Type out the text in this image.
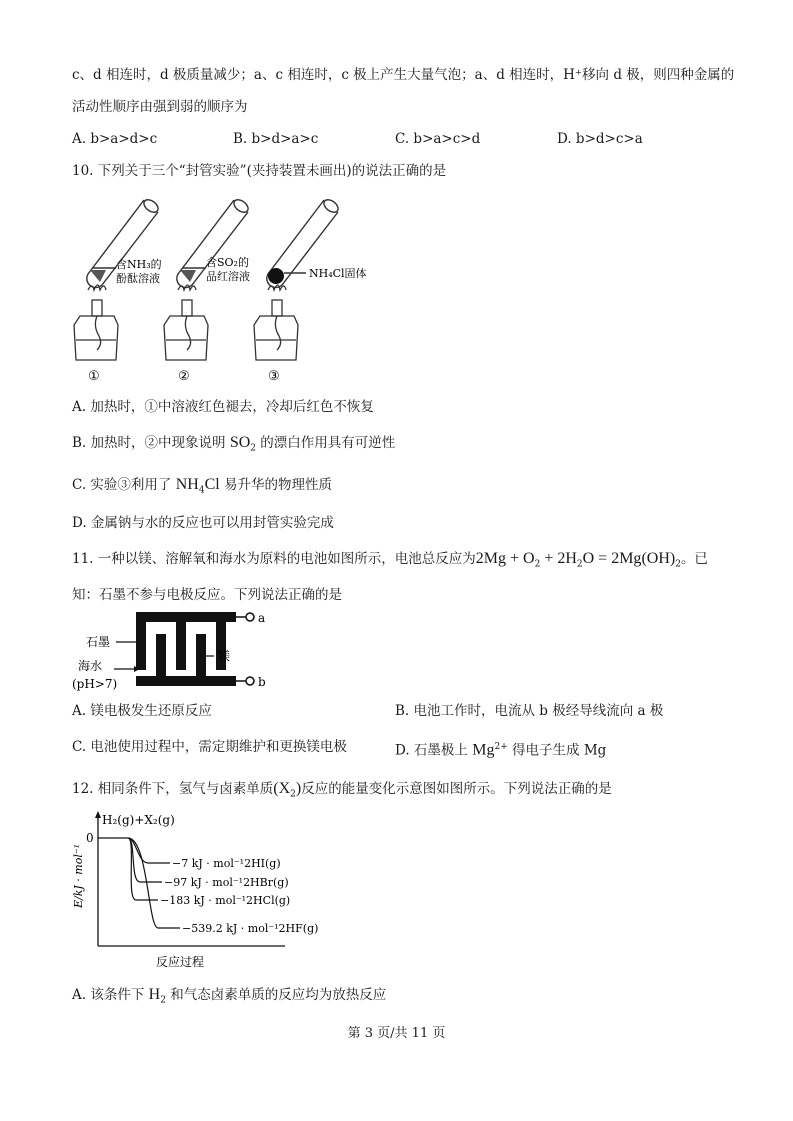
c、d 相连时，d 极质量减少；a、c 相连时，c 极上产生大量气泡；a、d 相连时，H⁺移向 d 极，则四种金属的
活动性顺序由强到弱的顺序为
A. b>a>d>c	B. b>d>a>c	C. b>a>c>d	D. b>d>c>a
10. 下列关于三个“封管实验”(夹持装置未画出)的说法正确的是
含NH₃的
酚酞溶液
含SO₂的
品红溶液	NH₄Cl固体
①	②	③
A. 加热时，①中溶液红色褪去，冷却后红色不恢复
B. 加热时，②中现象说明 $SO_2$ 的漂白作用具有可逆性
C. 实验③利用了 $NH_4Cl$ 易升华的物理性质
D. 金属钠与水的反应也可以用封管实验完成
11. 一种以镁、溶解氧和海水为原料的电池如图所示，电池总反应为$2Mg + O_2 + 2H_2O = 2Mg(OH)_2$。已
知：石墨不参与电极反应。下列说法正确的是
a
b
石墨
海水
(pH>7)
镁
A. 镁电极发生还原反应	B. 电池工作时，电流从 b 极经导线流向 a 极
C. 电池使用过程中，需定期维护和更换镁电极	D. 石墨极上 $Mg^{2+}$ 得电子生成 Mg
12. 相同条件下，氢气与卤素单质$(X_2)$反应的能量变化示意图如图所示。下列说法正确的是
0
H₂(g)+X₂(g)
E/kJ · mol⁻¹
反应过程
−7 kJ · mol⁻¹2HI(g)
−97 kJ · mol⁻¹2HBr(g)
−183 kJ · mol⁻¹2HCl(g)
−539.2 kJ · mol⁻¹2HF(g)
A. 该条件下 $H_2$ 和气态卤素单质的反应均为放热反应
第 3 页/共 11 页
